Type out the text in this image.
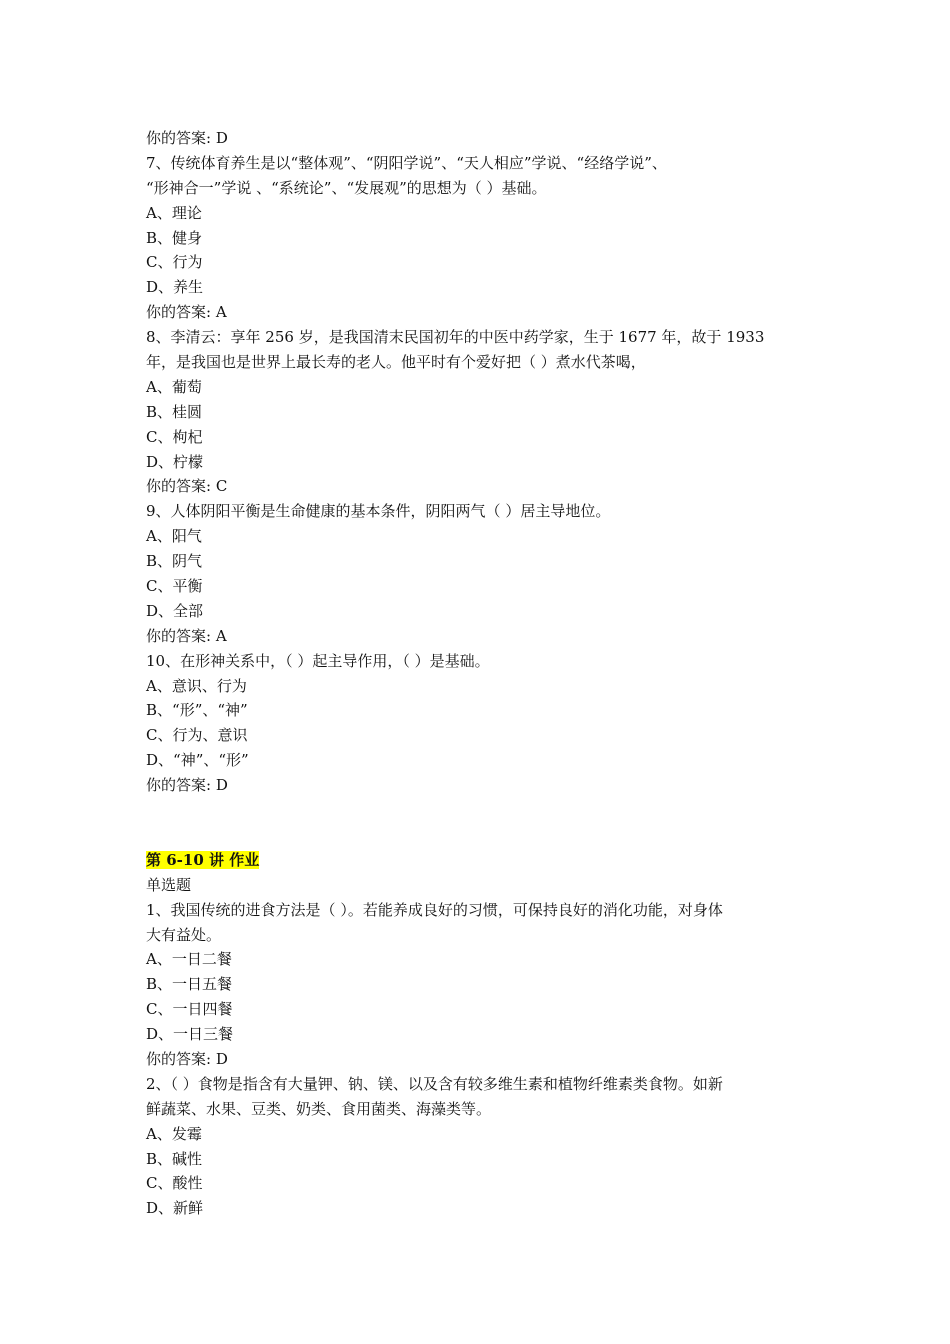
你的答案: D
7、传统体育养生是以“整体观”、“阴阳学说”、“天人相应”学说、“经络学说”、
“形神合一”学说 、“系统论”、“发展观”的思想为（ ）基础。
A、理论
B、健身
C、行为
D、养生
你的答案: A
8、李清云：享年 256 岁，是我国清末民国初年的中医中药学家，生于 1677 年，故于 1933
年，是我国也是世界上最长寿的老人。他平时有个爱好把（ ）煮水代茶喝，
A、葡萄
B、桂圆
C、枸杞
D、柠檬
你的答案: C
9、人体阴阳平衡是生命健康的基本条件，阴阳两气（ ）居主导地位。
A、阳气
B、阴气
C、平衡
D、全部
你的答案: A
10、在形神关系中，（ ）起主导作用，（ ）是基础。
A、意识、行为
B、“形”、“神”
C、行为、意识
D、“神”、“形”
你的答案: D
第 6-10 讲 作业
单选题
1、我国传统的进食方法是（ ）。若能养成良好的习惯，可保持良好的消化功能，对身体
大有益处。
A、一日二餐
B、一日五餐
C、一日四餐
D、一日三餐
你的答案: D
2、（ ）食物是指含有大量钾、钠、镁、以及含有较多维生素和植物纤维素类食物。如新
鲜蔬菜、水果、豆类、奶类、食用菌类、海藻类等。
A、发霉
B、碱性
C、酸性
D、新鲜
